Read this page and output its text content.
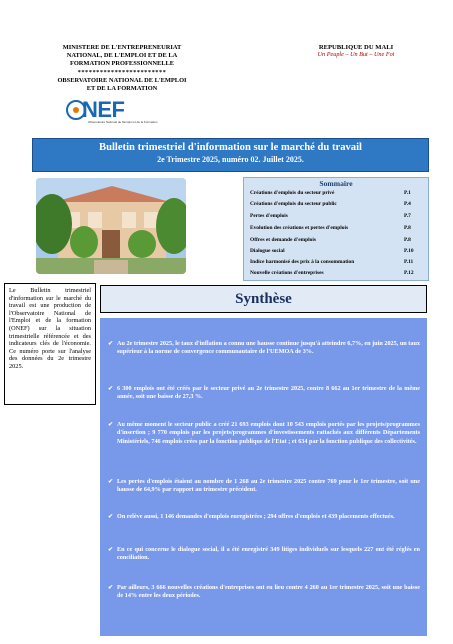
MINISTERE DE L'ENTREPRENEURIAT
NATIONAL, DE L'EMPLOI ET DE LA
FORMATION PROFESSIONNELLE
************************
OBSERVATOIRE NATIONAL DE L'EMPLOI
ET DE LA FORMATION
REPUBLIQUE DU MALI
Un Peuple – Un But – Une Foi
NEF
Observatoire National de l'Emploi et de la Formation
Bulletin trimestriel d'information sur le marché du travail
2e Trimestre 2025, numéro 02. Juillet 2025.
Sommaire
Créations d'emplois du secteur privé	P.1
Créations d'emplois du secteur public	P.4
Pertes d'emplois	P.7
Evolution des créations et pertes d'emplois	P.8
Offres et demande d'emplois	P.8
Dialogue social	P.10
Indice harmonisé des prix à la consommation	P.11
Nouvelle créations d'entreprises	P.12
Le Bulletin trimestriel d'information sur le marché du travail est une production de l'Observatoire National de l'Emploi et de la formation (ONEF) sur la situation trimestrielle référencée et des indicateurs clés de l'économie. Ce numéro porte sur l'analyse des données du 2e trimestre 2025.
Synthèse
✔ Au 2e trimestre 2025, le taux d'inflation a connu une hausse continue jusqu'à atteindre 6,7%, en juin 2025, un taux supérieur à la norme de convergence communautaire de l'UEMOA de 3%.
✔ 6 300 emplois ont été créés par le secteur privé au 2e trimestre 2025, contre 8 662 au 1er trimestre de la même année, soit une baisse de 27,3 %.
✔ Au même moment le secteur public a créé 21 693 emplois dont 10 543 emplois portés par les projets/programmes d'insertion ; 9 770 emplois par les projets/programmes d'investissements rattachés aux différents Départements Ministériels, 746 emplois crées par la fonction publique de l'Etat ; et 634 par la fonction publique des collectivités.
✔ Les pertes d'emplois étaient au nombre de 1 268 au 2e trimestre 2025 contre 769 pour le 1er trimestre, soit une hausse de 64,9% par rapport au trimestre précédent.
✔ On relève aussi, 1 146 demandes d'emplois enregistrées ; 294 offres d'emplois et 439 placements effectués.
✔ En ce qui concerne le dialogue social, il a été enregistré 349 litiges individuels sur lesquels 227 ont été réglés en conciliation.
✔ Par ailleurs, 3 666 nouvelles créations d'entreprises ont eu lieu contre 4 260 au 1er trimestre 2025, soit une baisse de 14% entre les deux périodes.
